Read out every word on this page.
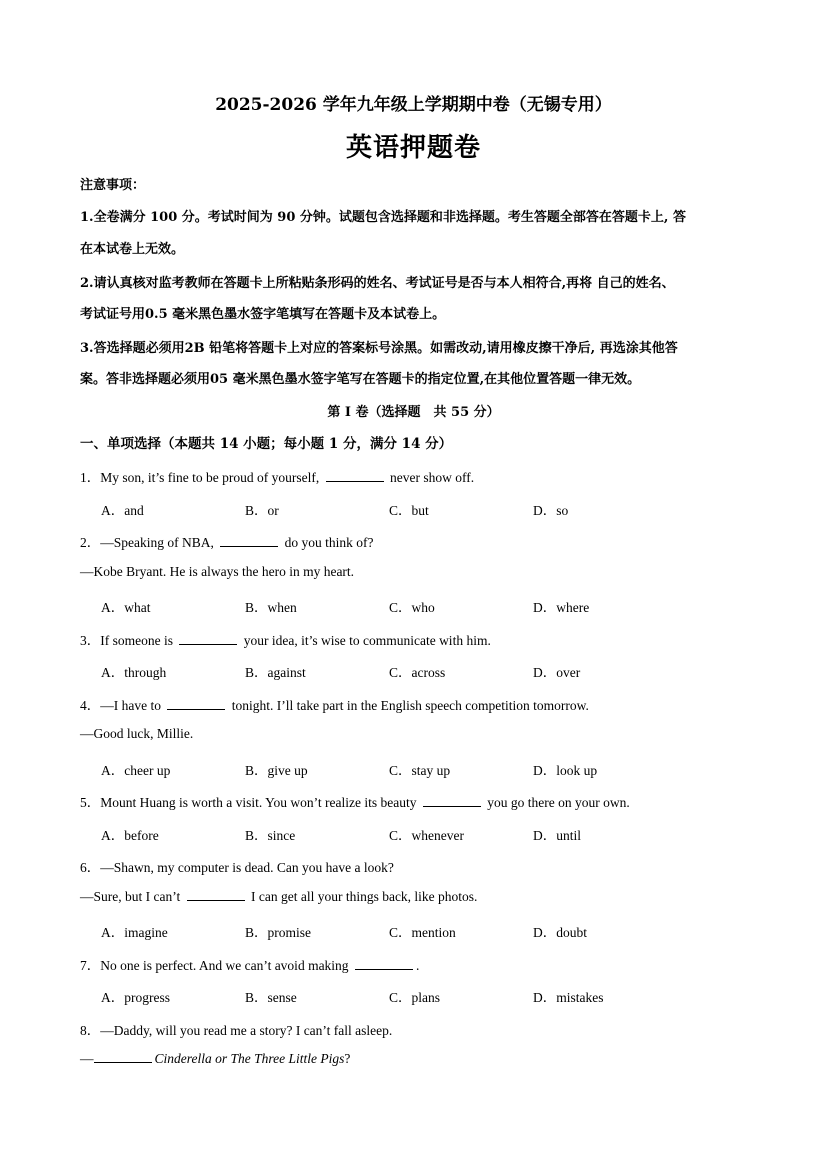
2025-2026 学年九年级上学期期中卷（无锡专用）
英语押题卷
注意事项：
1.全卷满分 100 分。考试时间为 90 分钟。试题包含选择题和非选择题。考生答题全部答在答题卡上, 答
在本试卷上无效。
2.请认真核对监考教师在答题卡上所粘贴条形码的姓名、考试证号是否与本人相符合,再将 自己的姓名、
考试证号用0.5 毫米黑色墨水签字笔填写在答题卡及本试卷上。
3.答选择题必须用2B 铅笔将答题卡上对应的答案标号涂黑。如需改动,请用橡皮擦干净后, 再选涂其他答
案。答非选择题必须用05 毫米黑色墨水签字笔写在答题卡的指定位置,在其他位置答题一律无效。
第 I 卷（选择题　共 55 分）
一、单项选择（本题共 14 小题；每小题 1 分，满分 14 分）
1．My son, it’s fine to be proud of yourself,	never show off.
A．and	B．or	C．but	D．so
2．—Speaking of NBA,	do you think of?
—Kobe Bryant. He is always the hero in my heart.
A．what	B．when	C．who	D．where
3．If someone is	your idea, it’s wise to communicate with him.
A．through	B．against	C．across	D．over
4．—I have to	tonight. I’ll take part in the English speech competition tomorrow.
—Good luck, Millie.
A．cheer up	B．give up	C．stay up	D．look up
5．Mount Huang is worth a visit. You won’t realize its beauty	you go there on your own.
A．before	B．since	C．whenever	D．until
6．—Shawn, my computer is dead. Can you have a look?
—Sure, but I can’t	I can get all your things back, like photos.
A．imagine	B．promise	C．mention	D．doubt
7．No one is perfect. And we can’t avoid making	.
A．progress	B．sense	C．plans	D．mistakes
8．—Daddy, will you read me a story? I can’t fall asleep.
—	Cinderella or The Three Little Pigs?
